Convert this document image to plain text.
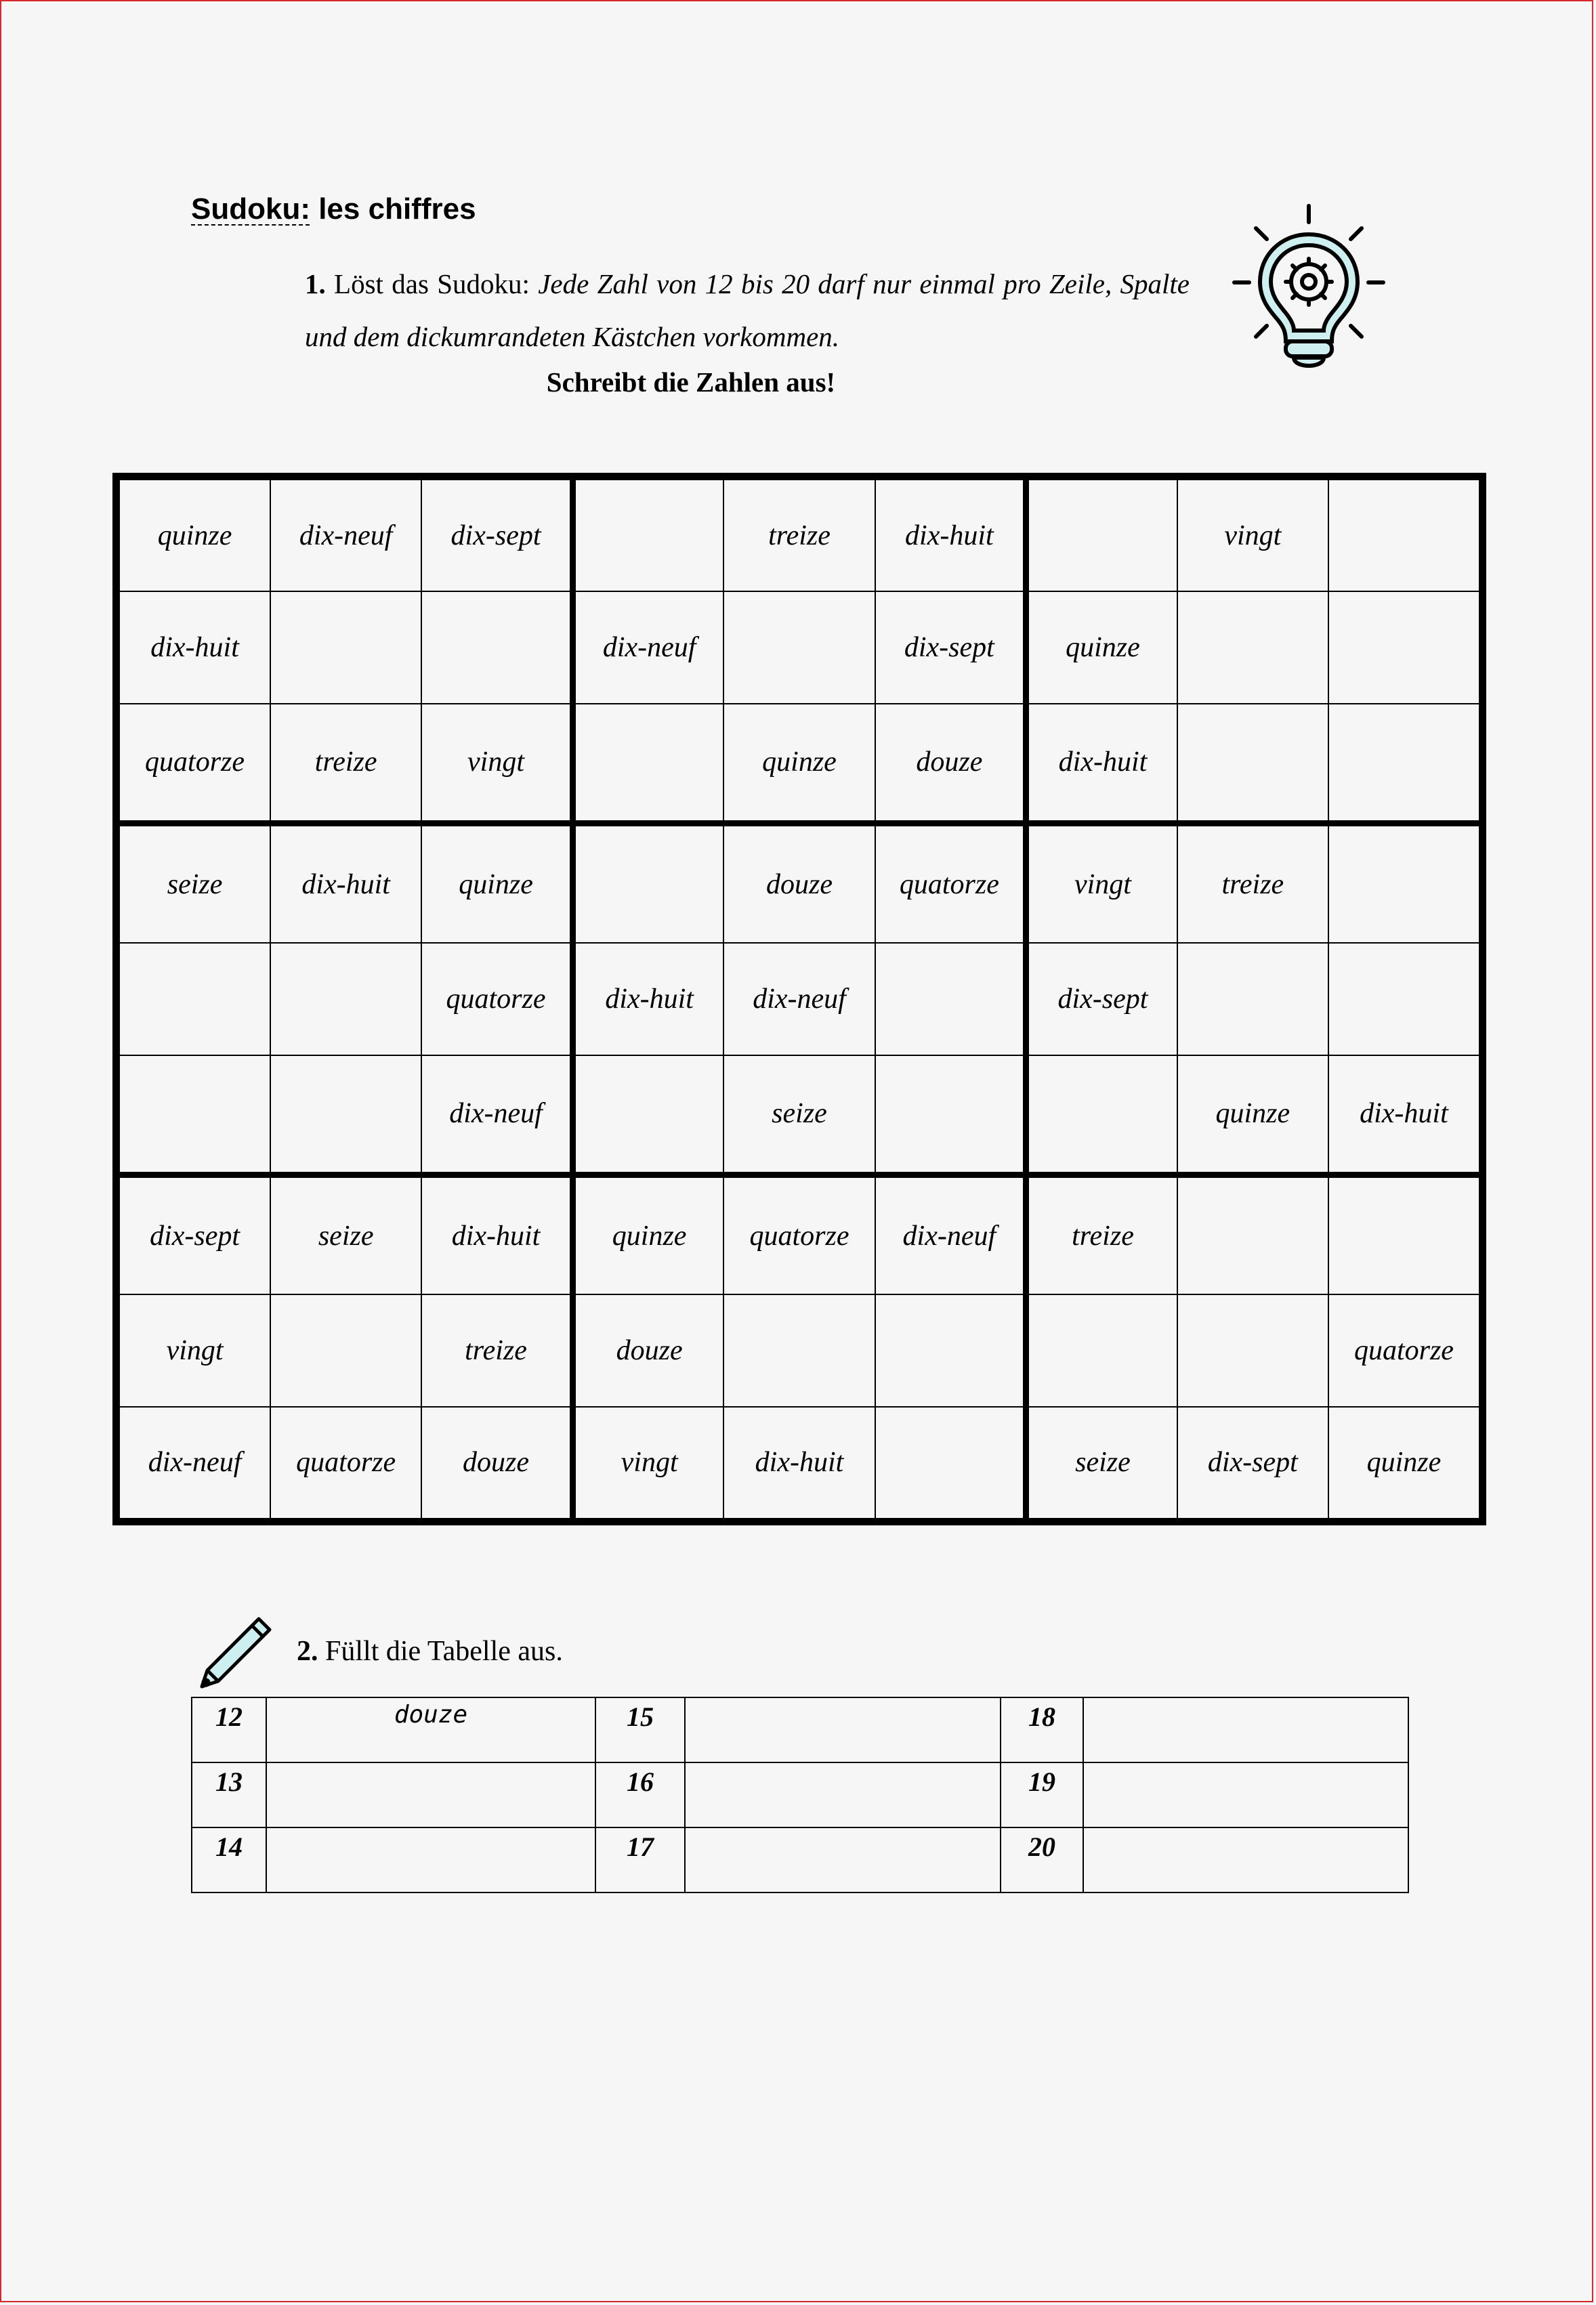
Sudoku: les chiffres
1. Löst das Sudoku: Jede Zahl von 12 bis 20 darf nur einmal pro Zeile, Spalte und dem dickumrandeten Kästchen vorkommen.
Schreibt die Zahlen aus!
quinze	dix-neuf	dix-sept		treize	dix-huit		vingt	
dix-huit			dix-neuf		dix-sept	quinze		
quatorze	treize	vingt		quinze	douze	dix-huit		
seize	dix-huit	quinze		douze	quatorze	vingt	treize	
		quatorze	dix-huit	dix-neuf		dix-sept		
		dix-neuf		seize			quinze	dix-huit
dix-sept	seize	dix-huit	quinze	quatorze	dix-neuf	treize		
vingt		treize	douze					quatorze
dix-neuf	quatorze	douze	vingt	dix-huit		seize	dix-sept	quinze
2. Füllt die Tabelle aus.
12	douze	15		18	
13		16		19	
14		17		20	
